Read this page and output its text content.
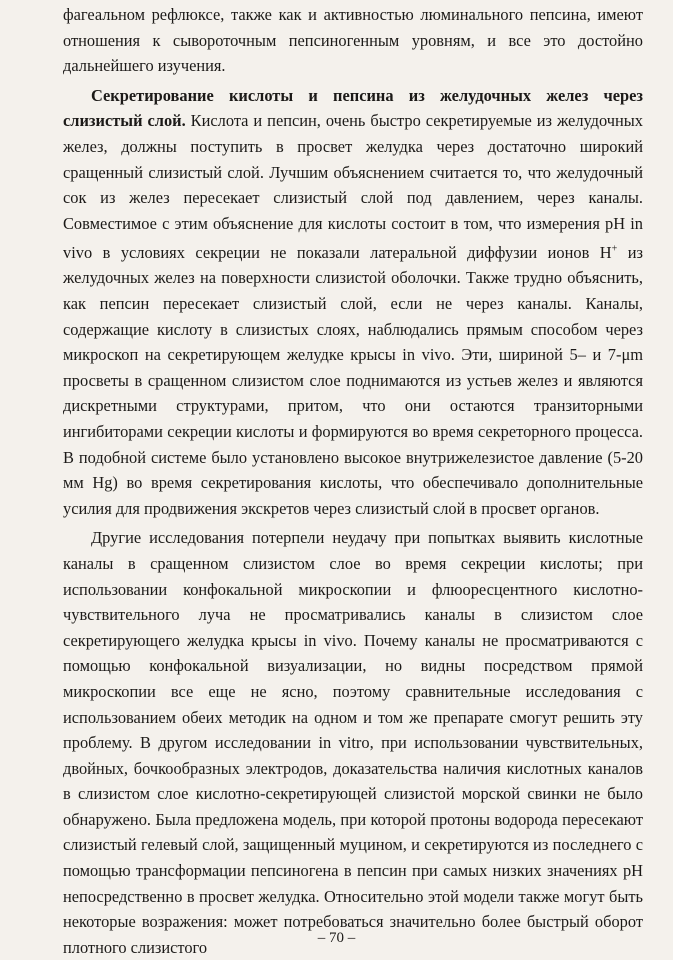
фагеальном рефлюксе, также как и активностью люминального пепсина, имеют отношения к сывороточным пепсиногенным уровням, и все это достойно дальнейшего изучения.

Секретирование кислоты и пепсина из желудочных желез через слизистый слой. Кислота и пепсин, очень быстро секретируемые из желудочных желез, должны поступить в просвет желудка через достаточно широкий сращенный слизистый слой. Лучшим объяснением считается то, что желудочный сок из желез пересекает слизистый слой под давлением, через каналы. Совместимое с этим объяснение для кислоты состоит в том, что измерения pH in vivo в условиях секреции не показали латеральной диффузии ионов H+ из желудочных желез на поверхности слизистой оболочки. Также трудно объяснить, как пепсин пересекает слизистый слой, если не через каналы. Каналы, содержащие кислоту в слизистых слоях, наблюдались прямым способом через микроскоп на секретирующем желудке крысы in vivo. Эти, шириной 5– и 7-μm просветы в сращенном слизистом слое поднимаются из устьев желез и являются дискретными структурами, притом, что они остаются транзиторными ингибиторами секреции кислоты и формируются во время секреторного процесса. В подобной системе было установлено высокое внутрижелезистое давление (5-20 мм Hg) во время секретирования кислоты, что обеспечивало дополнительные усилия для продвижения экскретов через слизистый слой в просвет органов.

Другие исследования потерпели неудачу при попытках выявить кислотные каналы в сращенном слизистом слое во время секреции кислоты; при использовании конфокальной микроскопии и флюоресцентного кислотно-чувствительного луча не просматривались каналы в слизистом слое секретирующего желудка крысы in vivo. Почему каналы не просматриваются с помощью конфокальной визуализации, но видны посредством прямой микроскопии все еще не ясно, поэтому сравнительные исследования с использованием обеих методик на одном и том же препарате смогут решить эту проблему. В другом исследовании in vitro, при использовании чувствительных, двойных, бочкообразных электродов, доказательства наличия кислотных каналов в слизистом слое кислотно-секретирующей слизистой морской свинки не было обнаружено. Была предложена модель, при которой протоны водорода пересекают слизистый гелевый слой, защищенный муцином, и секретируются из последнего с помощью трансформации пепсиногена в пепсин при самых низких значениях pH непосредственно в просвет желудка. Относительно этой модели также могут быть некоторые возражения: может потребоваться значительно более быстрый оборот плотного слизистого	– 70 –
